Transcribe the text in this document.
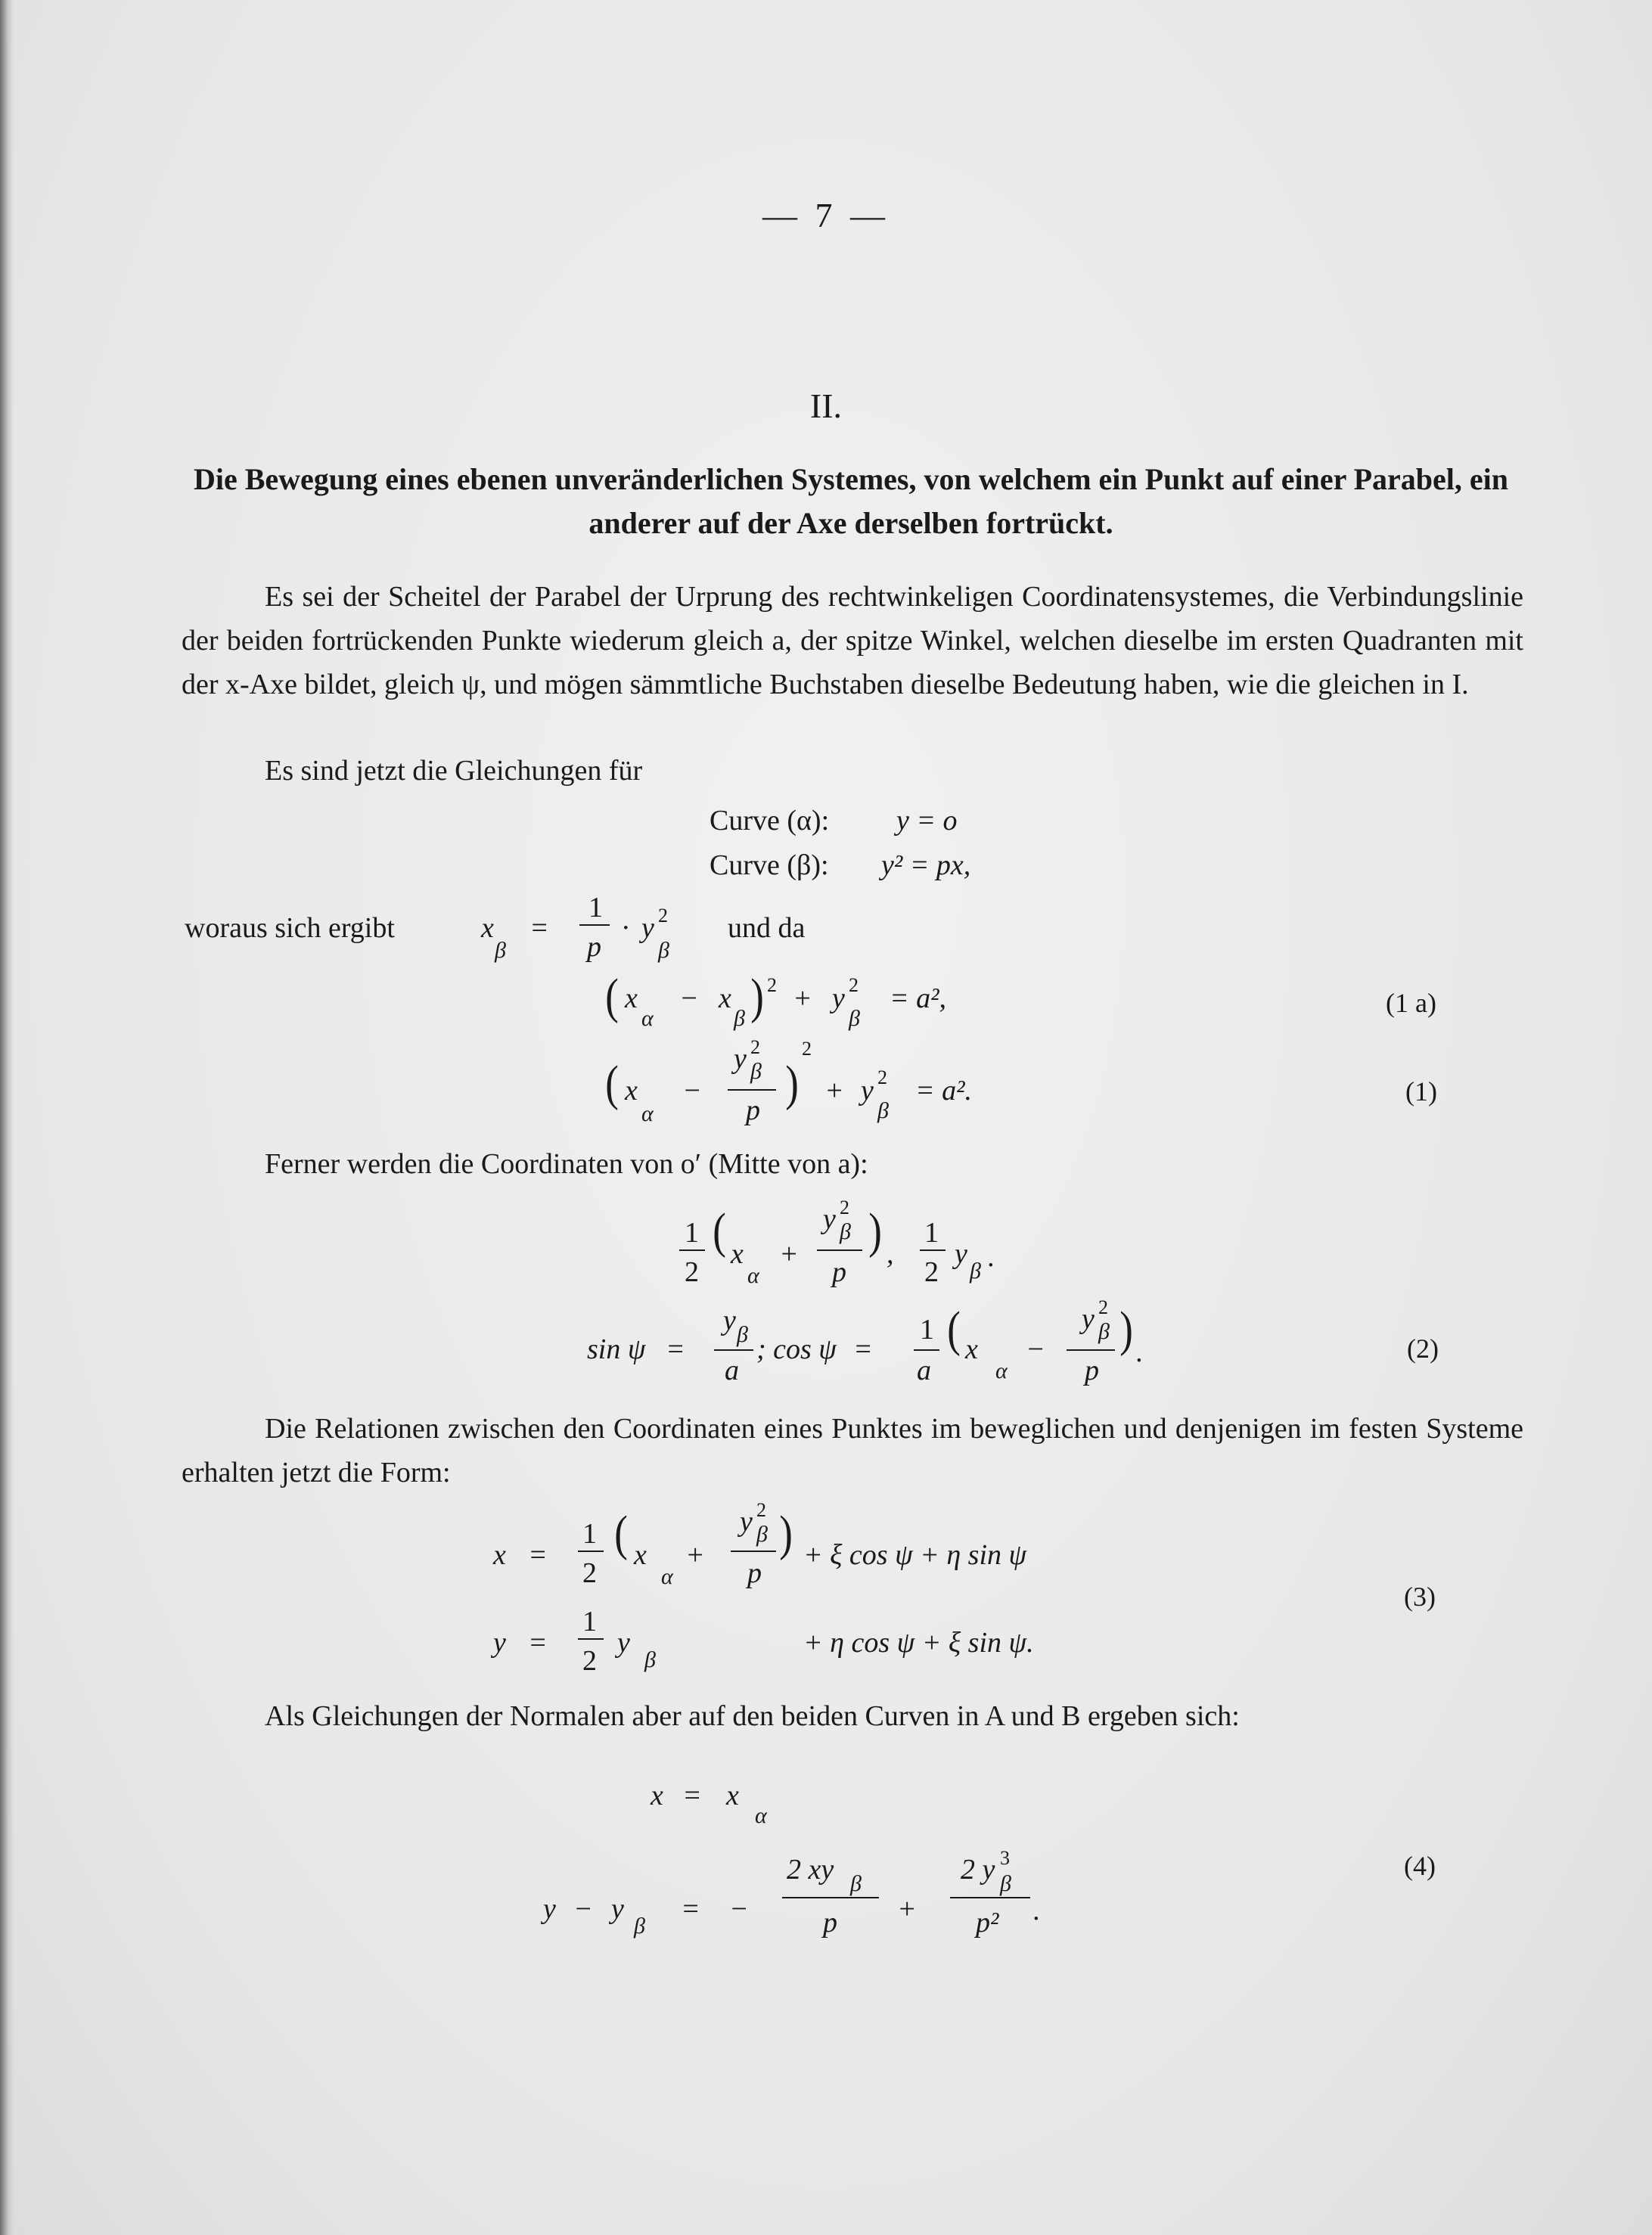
— 7 —
II.
Die Bewegung eines ebenen unveränderlichen Systemes, von welchem ein Punkt auf einer Parabel, ein anderer auf der Axe derselben fortrückt.
Es sei der Scheitel der Parabel der Urprung des rechtwinkeligen Coordinatensystemes, die Verbindungslinie der beiden fortrückenden Punkte wiederum gleich a, der spitze Winkel, welchen dieselbe im ersten Quadranten mit der x-Axe bildet, gleich ψ, und mögen sämmtliche Buchstaben dieselbe Bedeutung haben, wie die gleichen in I.
Es sind jetzt die Gleichungen für
Curve (α): y = o
Curve (β): y² = px,
woraus sich ergibt	x
β
=
1
p
· y 2
β
und da
( x
α
− x
β ) 2 + y 2
β
= a²,	(1 a)
( x
α
−
y 2
β
p )
2
+ y 2
β
= a².	(1)
Ferner werden die Coordinaten von o′ (Mitte von a):
1
2
( x
α
+
y 2
β
p
) ,
1
2
y
β .
sin ψ =
y β
a
; cos ψ =
1
a
( x
α
−
y 2
β
p
) .	(2)
Die Relationen zwischen den Coordinaten eines Punktes im beweglichen und denjenigen im festen Systeme erhalten jetzt die Form:
x =
1
2
( x
α
+
y 2
β
p
) + ξ cos ψ + η sin ψ
y =
1
2
y
β
+ η cos ψ + ξ sin ψ.
(3)
Als Gleichungen der Normalen aber auf den beiden Curven in A und B ergeben sich:
x = x
α
y − y
β
= −
2 xy β
p +
2 y 3
β
p² .
(4)
